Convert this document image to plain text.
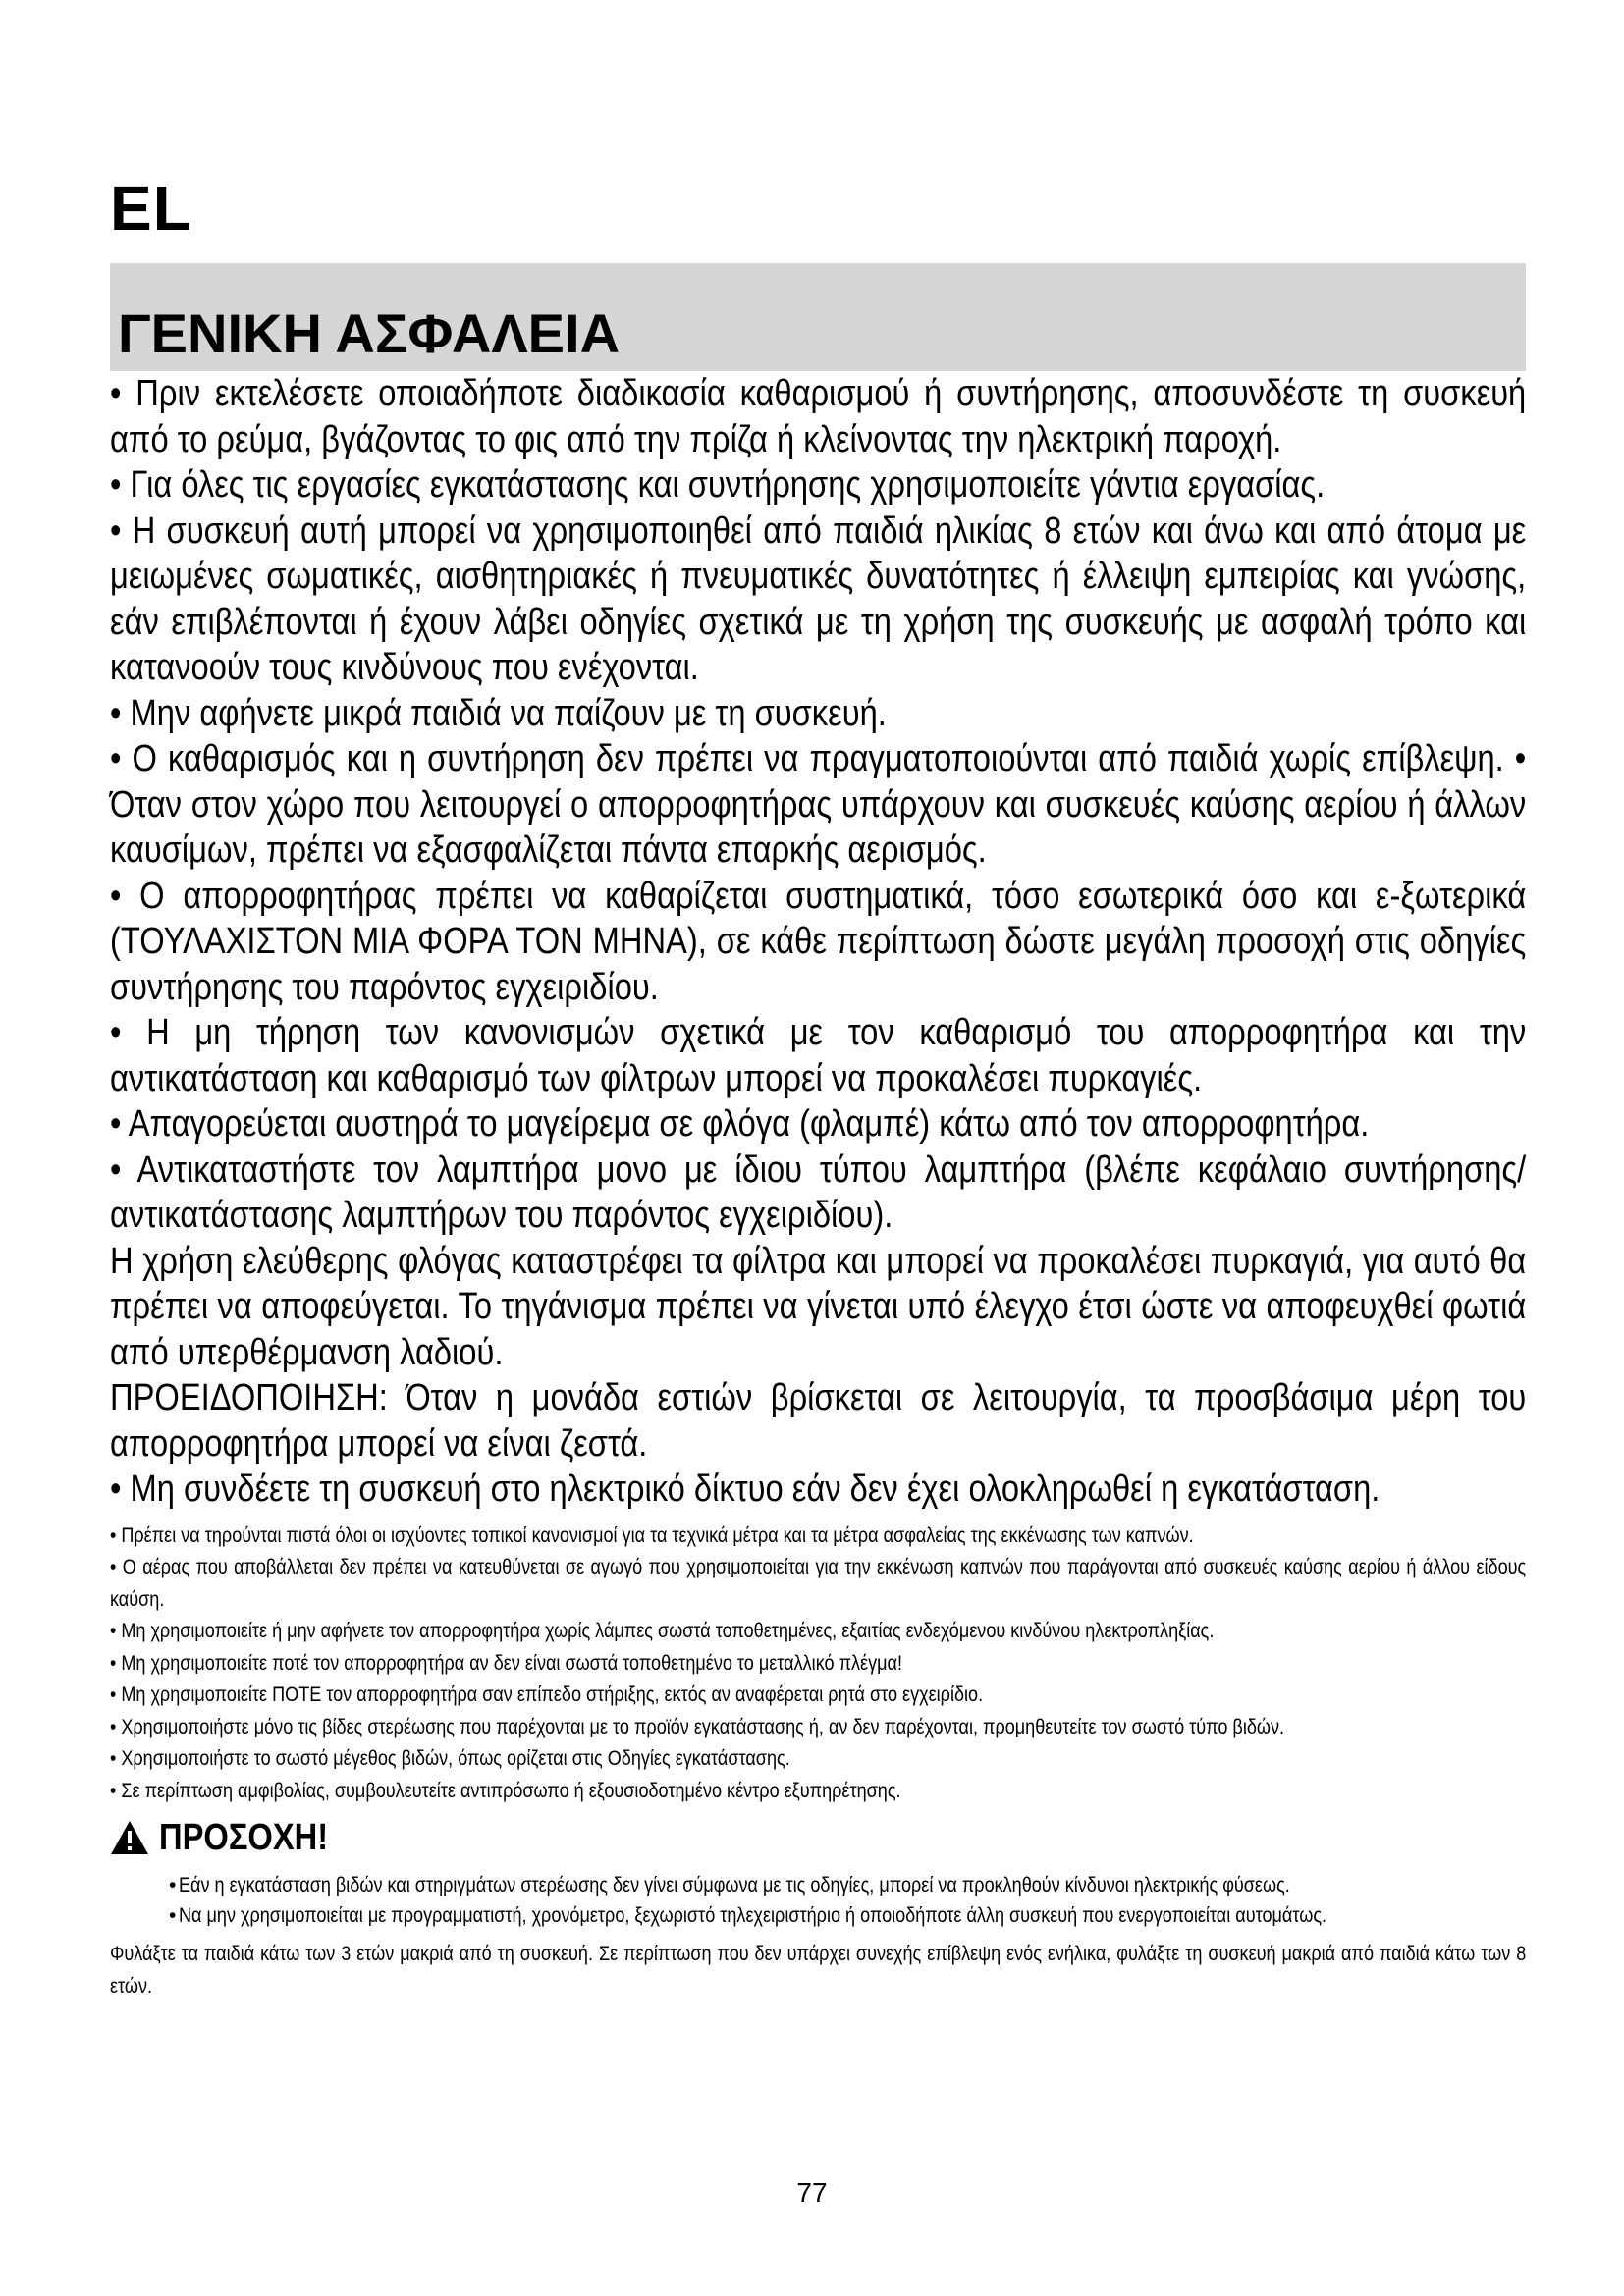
EL
ΓΕΝΙΚΗ ΑΣΦΑΛΕΙΑ

• Πριν εκτελέσετε οποιαδήποτε διαδικασία καθαρισμού ή συντήρησης, αποσυνδέστε τη συσκευή από το ρεύμα, βγάζοντας το φις από την πρίζα ή κλείνοντας την ηλεκτρική παροχή.

• Για όλες τις εργασίες εγκατάστασης και συντήρησης χρησιμοποιείτε γάντια εργασίας.

• Η συσκευή αυτή μπορεί να χρησιμοποιηθεί από παιδιά ηλικίας 8 ετών και άνω και από άτομα με μειωμένες σωματικές, αισθητηριακές ή πνευματικές δυνατότητες ή έλλειψη εμπειρίας και γνώσης, εάν επιβλέπονται ή έχουν λάβει οδηγίες σχετικά με τη χρήση της συσκευής με ασφαλή τρόπο και κατανοούν τους κινδύνους που ενέχονται.

• Μην αφήνετε μικρά παιδιά να παίζουν με τη συσκευή.

• Ο καθαρισμός και η συντήρηση δεν πρέπει να πραγματοποιούνται από παιδιά χωρίς επίβλεψη. • Όταν στον χώρο που λειτουργεί ο απορροφητήρας υπάρχουν και συσκευές καύσης αερίου ή άλλων καυσίμων, πρέπει να εξασφαλίζεται πάντα επαρκής αερισμός.

• Ο απορροφητήρας πρέπει να καθαρίζεται συστηματικά, τόσο εσωτερικά όσο και ε-ξωτερικά (ΤΟΥΛΑΧΙΣΤΟΝ ΜΙΑ ΦΟΡΑ ΤΟΝ ΜΗΝΑ), σε κάθε περίπτωση δώστε μεγάλη προσοχή στις οδηγίες συντήρησης του παρόντος εγχειριδίου.

• Η μη τήρηση των κανονισμών σχετικά με τον καθαρισμό του απορροφητήρα και την αντικατάσταση και καθαρισμό των φίλτρων μπορεί να προκαλέσει πυρκαγιές.

• Απαγορεύεται αυστηρά το μαγείρεμα σε φλόγα (φλαμπέ) κάτω από τον απορροφητήρα.

• Αντικαταστήστε τον λαμπτήρα μονο με ίδιου τύπου λαμπτήρα (βλέπε κεφάλαιο συντήρησης/αντικατάστασης λαμπτήρων του παρόντος εγχειριδίου).

Η χρήση ελεύθερης φλόγας καταστρέφει τα φίλτρα και μπορεί να προκαλέσει πυρκαγιά, για αυτό θα πρέπει να αποφεύγεται. Το τηγάνισμα πρέπει να γίνεται υπό έλεγχο έτσι ώστε να αποφευχθεί φωτιά από υπερθέρμανση λαδιού.

ΠΡΟΕΙΔΟΠΟΙΗΣΗ: Όταν η μονάδα εστιών βρίσκεται σε λειτουργία, τα προσβάσιμα μέρη του απορροφητήρα μπορεί να είναι ζεστά.

• Μη συνδέετε τη συσκευή στο ηλεκτρικό δίκτυο εάν δεν έχει ολοκληρωθεί η εγκατάσταση.

• Πρέπει να τηρούνται πιστά όλοι οι ισχύοντες τοπικοί κανονισμοί για τα τεχνικά μέτρα και τα μέτρα ασφαλείας της εκκένωσης των καπνών.

• Ο αέρας που αποβάλλεται δεν πρέπει να κατευθύνεται σε αγωγό που χρησιμοποιείται για την εκκένωση καπνών που παράγονται από συσκευές καύσης αερίου ή άλλου είδους καύση.

• Μη χρησιμοποιείτε ή μην αφήνετε τον απορροφητήρα χωρίς λάμπες σωστά τοποθετημένες, εξαιτίας ενδεχόμενου κινδύνου ηλεκτροπληξίας.

• Μη χρησιμοποιείτε ποτέ τον απορροφητήρα αν δεν είναι σωστά τοποθετημένο το μεταλλικό πλέγμα!

• Μη χρησιμοποιείτε ΠΟΤΕ τον απορροφητήρα σαν επίπεδο στήριξης, εκτός αν αναφέρεται ρητά στο εγχειρίδιο.

• Χρησιμοποιήστε μόνο τις βίδες στερέωσης που παρέχονται με το προϊόν εγκατάστασης ή, αν δεν παρέχονται, προμηθευτείτε τον σωστό τύπο βιδών.

• Χρησιμοποιήστε το σωστό μέγεθος βιδών, όπως ορίζεται στις Οδηγίες εγκατάστασης.

• Σε περίπτωση αμφιβολίας, συμβουλευτείτε αντιπρόσωπο ή εξουσιοδοτημένο κέντρο εξυπηρέτησης.

ΠΡΟΣΟΧΗ!
• Εάν η εγκατάσταση βιδών και στηριγμάτων στερέωσης δεν γίνει σύμφωνα με τις οδηγίες, μπορεί να προκληθούν κίνδυνοι ηλεκτρικής φύσεως.
• Να μην χρησιμοποιείται με προγραμματιστή, χρονόμετρο, ξεχωριστό τηλεχειριστήριο ή οποιοδήποτε άλλη συσκευή που ενεργοποιείται αυτομάτως.

Φυλάξτε τα παιδιά κάτω των 3 ετών μακριά από τη συσκευή. Σε περίπτωση που δεν υπάρχει συνεχής επίβλεψη ενός ενήλικα, φυλάξτε τη συσκευή μακριά από παιδιά κάτω των 8 ετών.

77
